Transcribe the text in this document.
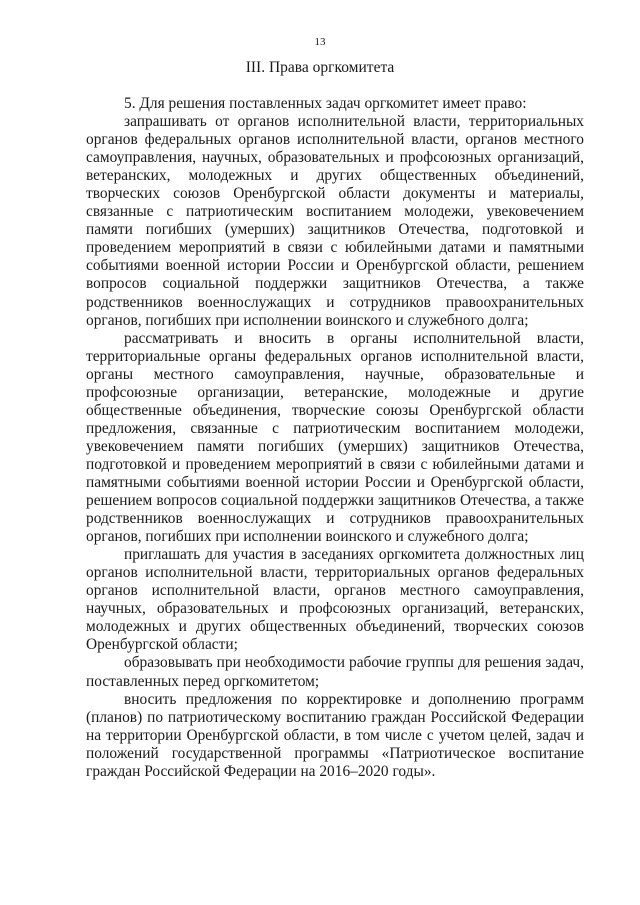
13
III. Права оргкомитета

5. Для решения поставленных задач оргкомитет имеет право:

запрашивать от органов исполнительной власти, территориальных органов федеральных органов исполнительной власти, органов местного самоуправления, научных, образовательных и профсоюзных организаций, ветеранских, молодежных и других общественных объединений, творческих союзов Оренбургской области документы и материалы, связанные с патриотическим воспитанием молодежи, увековечением памяти погибших (умерших) защитников Отечества, подготовкой и проведением мероприятий в связи с юбилейными датами и памятными событиями военной истории России и Оренбургской области, решением вопросов социальной поддержки защитников Отечества, а также родственников военнослужащих и сотрудников правоохранительных органов, погибших при исполнении воинского и служебного долга;

рассматривать и вносить в органы исполнительной власти, территориальные органы федеральных органов исполнительной власти, органы местного самоуправления, научные, образовательные и профсоюзные организации, ветеранские, молодежные и другие общественные объединения, творческие союзы Оренбургской области предложения, связанные с патриотическим воспитанием молодежи, увековечением памяти погибших (умерших) защитников Отечества, подготовкой и проведением мероприятий в связи с юбилейными датами и памятными событиями военной истории России и Оренбургской области, решением вопросов социальной поддержки защитников Отечества, а также родственников военнослужащих и сотрудников правоохранительных органов, погибших при исполнении воинского и служебного долга;

приглашать для участия в заседаниях оргкомитета должностных лиц органов исполнительной власти, территориальных органов федеральных органов исполнительной власти, органов местного самоуправления, научных, образовательных и профсоюзных организаций, ветеранских, молодежных и других общественных объединений, творческих союзов Оренбургской области;

образовывать при необходимости рабочие группы для решения задач, поставленных перед оргкомитетом;

вносить предложения по корректировке и дополнению программ (планов) по патриотическому воспитанию граждан Российской Федерации на территории Оренбургской области, в том числе с учетом целей, задач и положений государственной программы «Патриотическое воспитание граждан Российской Федерации на 2016–2020 годы».
